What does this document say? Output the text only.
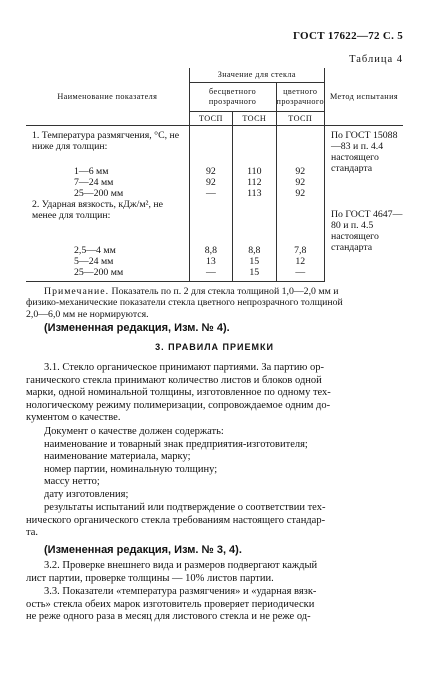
ГОСТ 17622—72 С. 5
Таблица 4
Наименование показателя	Значение для стекла			Метод испытания
	бесцветного прозрачного		цветного прозрачного	
	ТОСП	ТОСН	ТОСП	
1. Температура размягчения, °С, не ниже для толщин:				По ГОСТ 15088—83 и п. 4.4 настоящего стандарта
1—6 мм	92	110	92	
7—24 мм	92	112	92	
25—200 мм	—	113	92	
2. Ударная вязкость, кДж/м², не менее для толщин:				По ГОСТ 4647—80 и п. 4.5 настоящего стандарта
2,5—4 мм	8,8	8,8	7,8	
5—24 мм	13	15	12	
25—200 мм	—	15	—	
Примечание. Показатель по п. 2 для стекла толщиной 1,0—2,0 мм и
физико-механические показатели стекла цветного непрозрачного толщиной
2,0—6,0 мм не нормируются.
(Измененная редакция, Изм. № 4).
3. ПРАВИЛА ПРИЕМКИ
3.1. Стекло органическое принимают партиями. За партию ор-
ганического стекла принимают количество листов и блоков одной
марки, одной номинальной толщины, изготовленное по одному тех-
нологическому режиму полимеризации, сопровождаемое одним до-
кументом о качестве.
Документ о качестве должен содержать:
наименование и товарный знак предприятия-изготовителя;
наименование материала, марку;
номер партии, номинальную толщину;
массу нетто;
дату изготовления;
результаты испытаний или подтверждение о соответствии тех-
нического органического стекла требованиям настоящего стандар-
та.
(Измененная редакция, Изм. № 3, 4).
3.2. Проверке внешнего вида и размеров подвергают каждый
лист партии, проверке толщины — 10% листов партии.
3.3. Показатели «температура размягчения» и «ударная вязк-
ость» стекла обеих марок изготовитель проверяет периодически
не реже одного раза в месяц для листового стекла и не реже од-
